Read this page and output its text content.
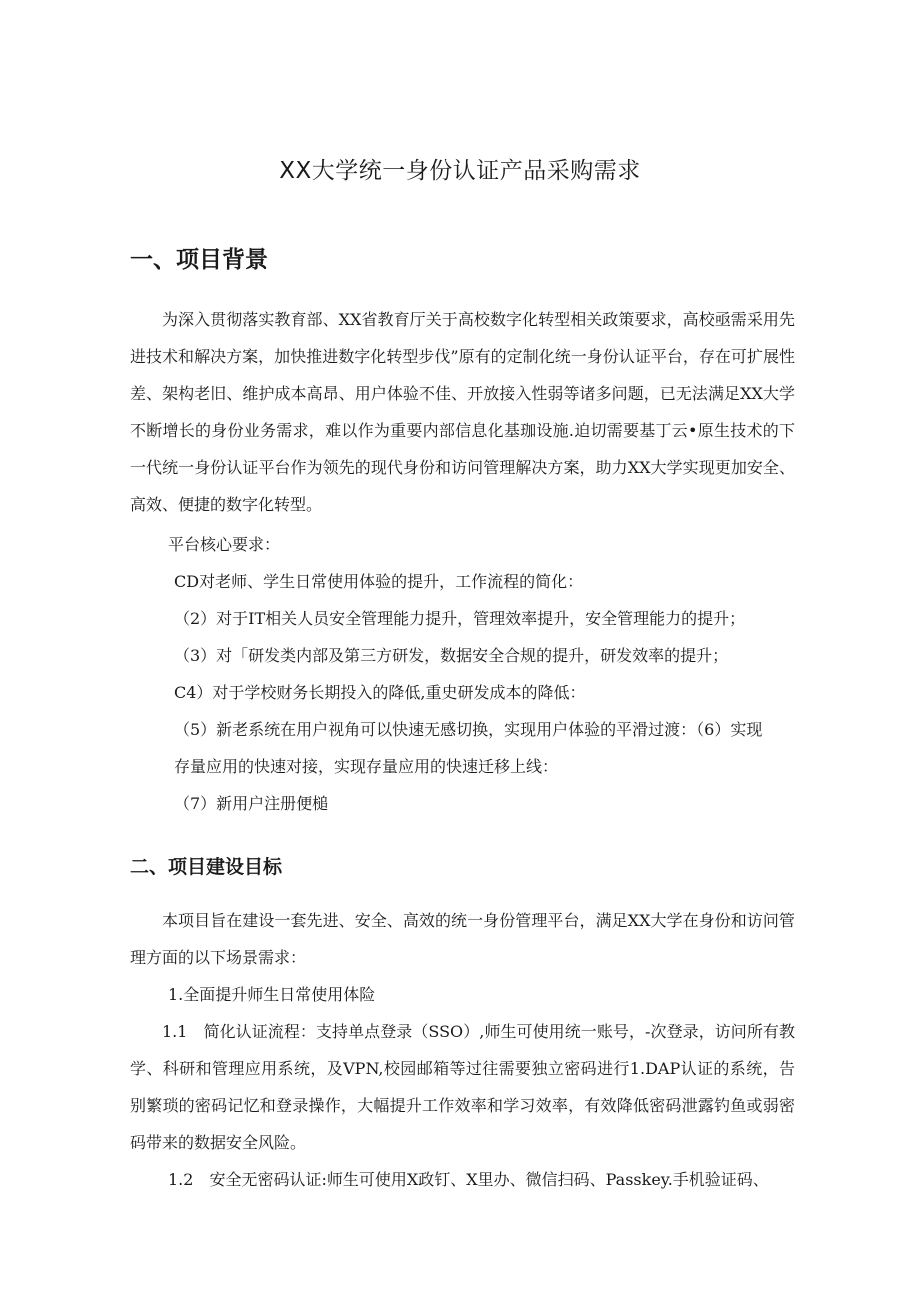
XX大学统一身份认证产品采购需求
一、项目背景

为深入贯彻落实教育部、XX省教育厅关于高校数字化转型相关政策要求，高校亟需采用先进技术和解决方案，加快推进数字化转型步伐”原有的定制化统一身份认证平台，存在可扩展性差、架构老旧、维护成本高昂、用户体验不佳、开放接入性弱等诸多问题，已无法满足XX大学不断增长的身份业务需求，难以作为重要内部信息化基珈设施.迫切需要基丁云•原生技术的下一代统一身份认证平台作为领先的现代身份和访问管理解决方案，助力XX大学实现更加安全、高效、便捷的数字化转型。

平台核心要求：

CD对老师、学生日常使用体验的提升，工作流程的简化：

（2）对于IT相关人员安全管理能力提升，管理效率提升，安全管理能力的提升；

（3）对「研发类内部及第三方研发，数据安全合规的提升，研发效率的提升；

C4）对于学校财务长期投入的降低,重史研发成本的降低：

（5）新老系统在用户视角可以快速无感切换，实现用户体验的平滑过渡：（6）实现

存量应用的快速对接，实现存量应用的快速迁移上线：

（7）新用户注册便槌

二、项目建设目标

本项目旨在建设一套先进、安全、高效的统一身份管理平台，满足XX大学在身份和访问管理方面的以下场景需求：

1.全面提升师生日常使用体险

1.1　简化认证流程：支持单点登录（SSO）,师生可使用统一账号，-次登录，访问所有教学、科研和管理应用系统，及VPN,校园邮箱等过往需要独立密码进行1.DAP认证的系统，告别繁琐的密码记忆和登录操作，大幅提升工作效率和学习效率，有效降低密码泄露钓鱼或弱密码带来的数据安全风险。

1.2　安全无密码认证:师生可使用X政钉、X里办、微信扫码、Passkey.手机验证码、
